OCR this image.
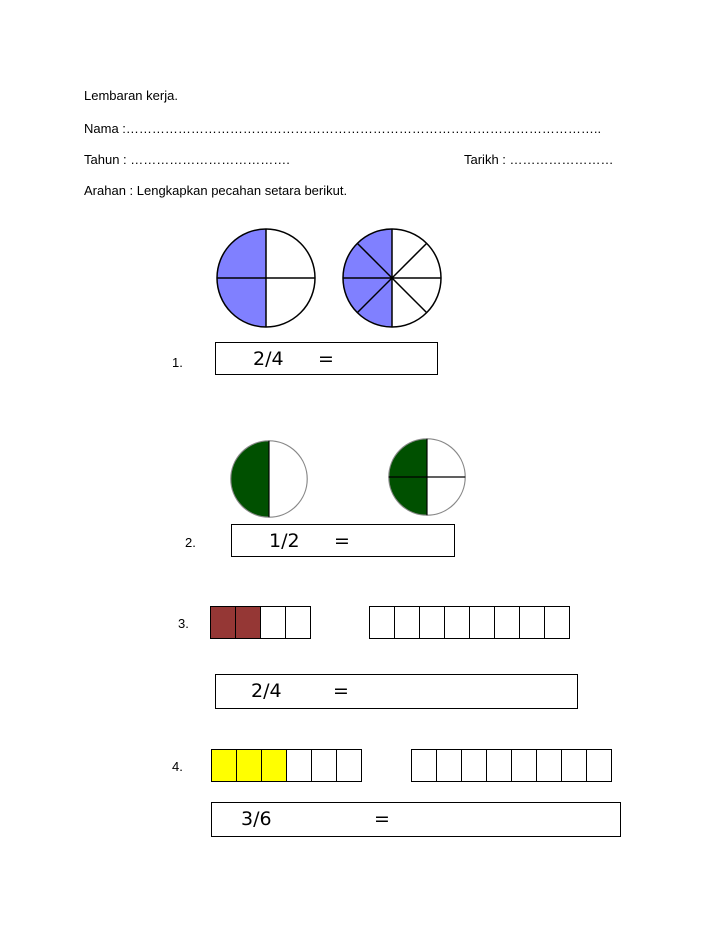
Lembaran kerja.
Nama :………………………………………………………………………………………………..
Tahun : ……………………………….	Tarikh : ……………………
Arahan : Lengkapkan pecahan setara berikut.
1.	2/4 =
2.	1/2 =
3.
2/4	=
4.
3/6	=
